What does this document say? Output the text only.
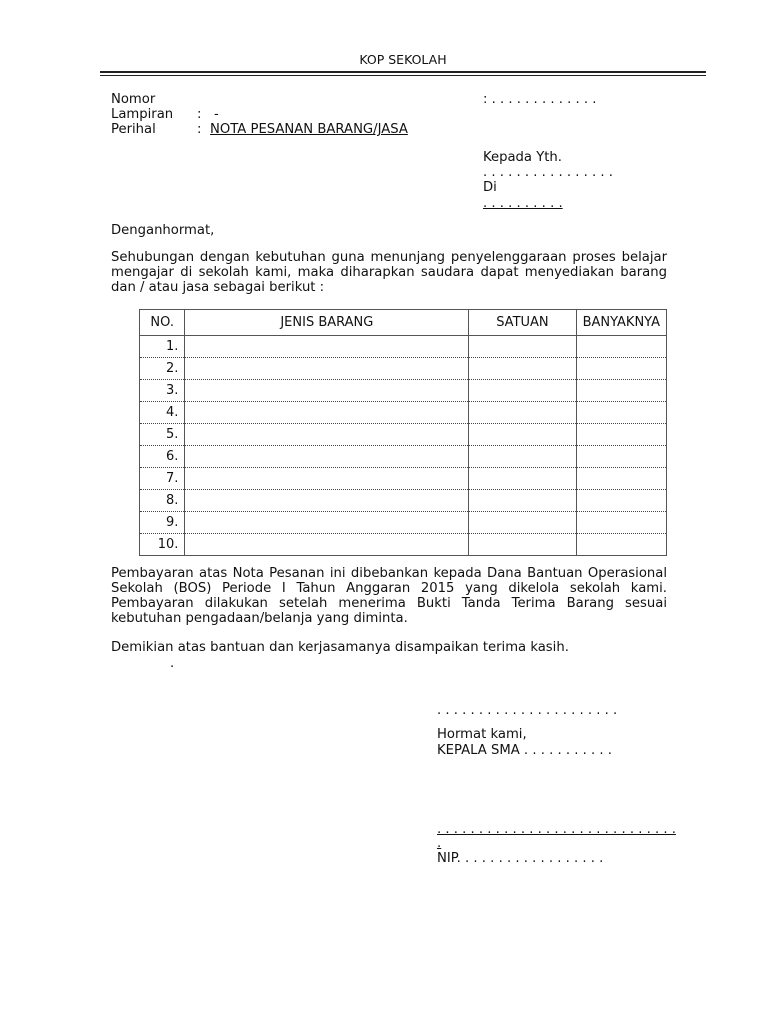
KOP SEKOLAH
Nomor	: . . . . . . . . . . . . .
Lampiran : -
Perihal	: NOTA PESANAN BARANG/JASA
Kepada Yth.
. . . . . . . . . . . . . . . .
Di
. . . . . . . . . .
Denganhormat,
Sehubungan dengan kebutuhan guna menunjang penyelenggaraan proses belajar mengajar di sekolah kami, maka diharapkan saudara dapat menyediakan barang dan / atau jasa sebagai berikut :
NO.	JENIS BARANG	SATUAN	BANYAKNYA
1.			
2.			
3.			
4.			
5.			
6.			
7.			
8.			
9.			
10.			
Pembayaran atas Nota Pesanan ini dibebankan kepada Dana Bantuan Operasional Sekolah (BOS) Periode I Tahun Anggaran 2015 yang dikelola sekolah kami. Pembayaran dilakukan setelah menerima Bukti Tanda Terima Barang sesuai kebutuhan pengadaan/belanja yang diminta.
Demikian atas bantuan dan kerjasamanya disampaikan terima kasih.
.
. . . . . . . . . . . . . . . . . . . . . .
Hormat kami,
KEPALA SMA . . . . . . . . . . .
. . . . . . . . . . . . . . . . . . . . . . . . . . . . .
.
NIP. . . . . . . . . . . . . . . . . .
